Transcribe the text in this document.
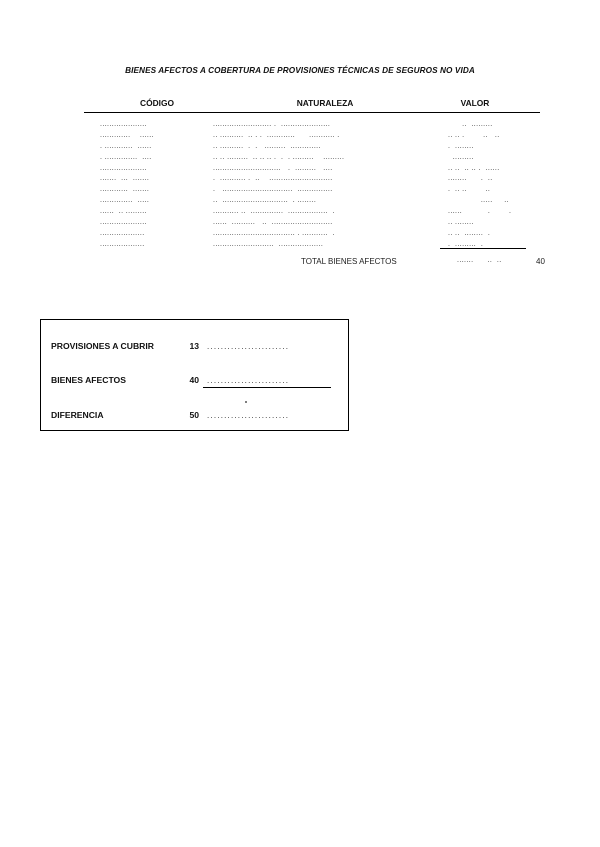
BIENES AFECTOS A COBERTURA DE PROVISIONES TÉCNICAS DE SEGUROS NO VIDA
CÓDIGO	NATURALEZA	VALOR
....................	......................... .  .....................	..  .........
.............    ......	.. ..........  .. . .  ............      ........... .	.. .. .        ..   ..
. ............  ......	.. ..........  .  .   .........  .............	.  ........
. ..............  ....	.. .. .........  .. .. .. .  .  . .........    .........	.........
....................	.............................   .  .........   ....	.. ..  .. .. .  ......
.......  ...  .......	.  ........... .  ..    ...........................	........      .  ..
............  .......	.   ..............................  ...............	.  .. ..        ..
..............  .....	..  ............................  . ........	.....     ..
......  .. .........	........... ..  ..............  .................  .	......           .        .
....................	......  ..........   ..  ..........................	.. ........
...................	................................... . ...........  .	.. ..  ........  .
...................	..........................  ...................	.  .........  .
TOTAL BIENES AFECTOS	.......      ..  ..	40
PROVISIONES A CUBRIR	13 ........................
BIENES AFECTOS	40 ........................
DIFERENCIA	50 ........................
